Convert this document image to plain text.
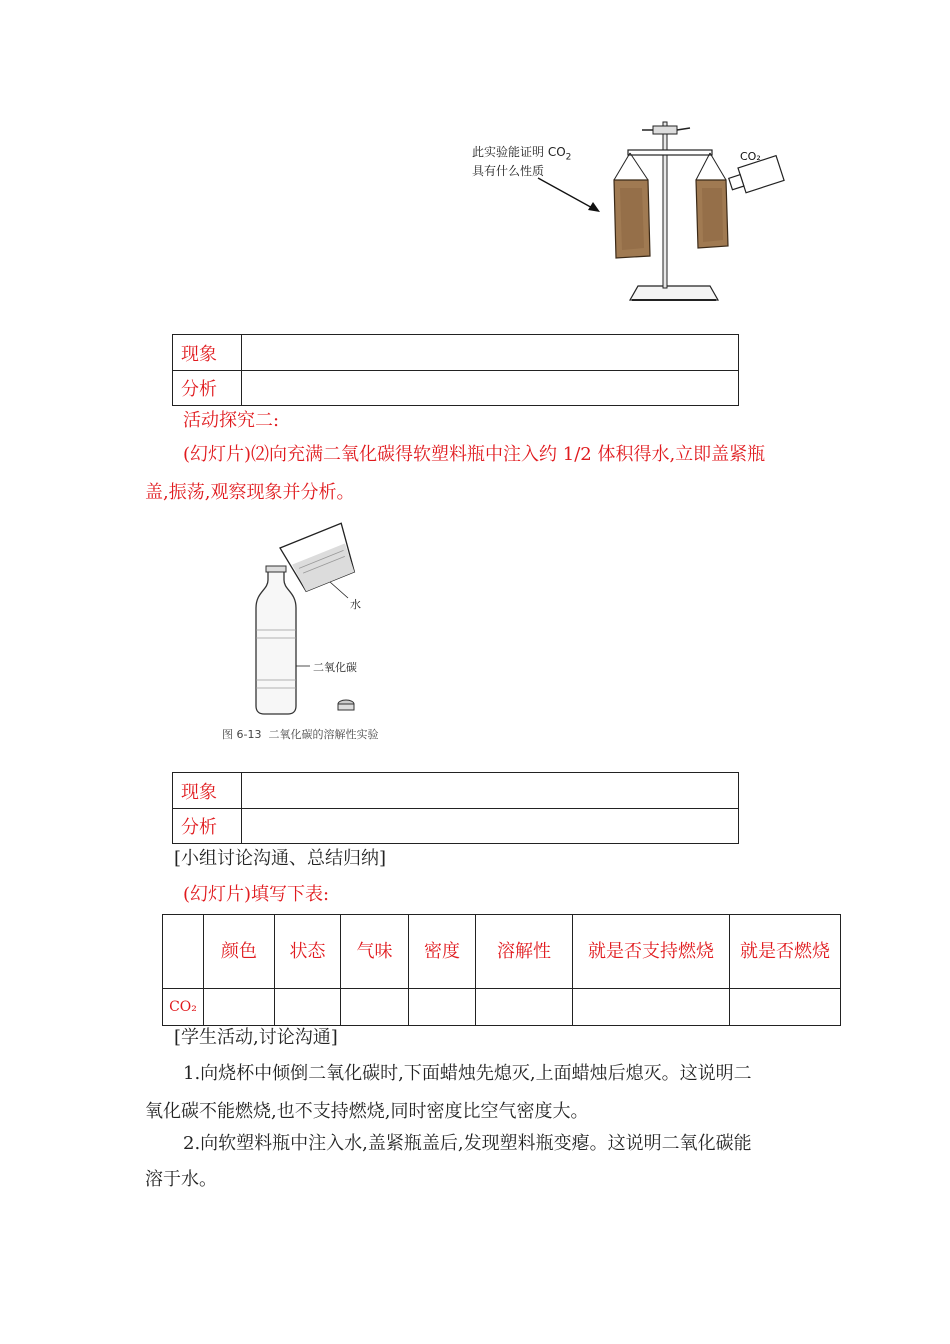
此实验能证明 $CO_2$
具有什么性质
CO₂
现象	
分析	
活动探究二:
(幻灯片)⑵向充满二氧化碳得软塑料瓶中注入约 1/2 体积得水,立即盖紧瓶
盖,振荡,观察现象并分析。
水
二氧化碳
图 6-13  二氧化碳的溶解性实验
现象	
分析	
[小组讨论沟通、总结归纳]
(幻灯片)填写下表:
	颜色	状态	气味	密度	溶解性	就是否支持燃烧	就是否燃烧
CO₂							
[学生活动,讨论沟通]
1.向烧杯中倾倒二氧化碳时,下面蜡烛先熄灭,上面蜡烛后熄灭。这说明二
氧化碳不能燃烧,也不支持燃烧,同时密度比空气密度大。
2.向软塑料瓶中注入水,盖紧瓶盖后,发现塑料瓶变瘪。这说明二氧化碳能
溶于水。
